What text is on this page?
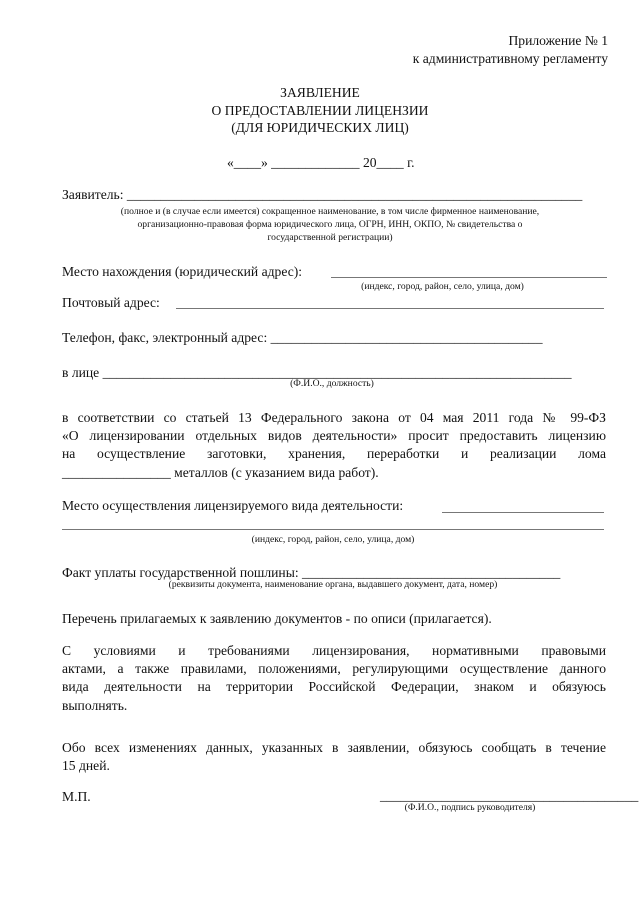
Приложение № 1
к административному регламенту
ЗАЯВЛЕНИЕ
О ПРЕДОСТАВЛЕНИИ ЛИЦЕНЗИИ
(ДЛЯ ЮРИДИЧЕСКИХ ЛИЦ)
«____» _____________ 20____ г.
Заявитель: ___________________________________________________________________
(полное и (в случае если имеется) сокращенное наименование, в том числе фирменное наименование,
организационно-правовая форма юридического лица, ОГРН, ИНН, ОКПО, № свидетельства о
государственной регистрации)
Место нахождения (юридический адрес):
(индекс, город, район, село, улица, дом)
Почтовый адрес:
Телефон, факс, электронный адрес: ________________________________________
в лице _____________________________________________________________________
(Ф.И.О., должность)
в соответствии со статьей 13 Федерального закона от 04 мая 2011 года № 99-ФЗ
«О лицензировании отдельных видов деятельности» просит предоставить лицензию
на осуществление заготовки, хранения, переработки и реализации лома
________________ металлов (с указанием вида работ).
Место осуществления лицензируемого вида деятельности:
(индекс, город, район, село, улица, дом)
Факт уплаты государственной пошлины: ______________________________________
(реквизиты документа, наименование органа, выдавшего документ, дата, номер)
Перечень прилагаемых к заявлению документов - по описи (прилагается).
С условиями и требованиями лицензирования, нормативными правовыми
актами, а также правилами, положениями, регулирующими осуществление данного
вида деятельности на территории Российской Федерации, знаком и обязуюсь
выполнять.
Обо всех изменениях данных, указанных в заявлении, обязуюсь сообщать в течение
15 дней.
М.П.	______________________________________
(Ф.И.О., подпись руководителя)
